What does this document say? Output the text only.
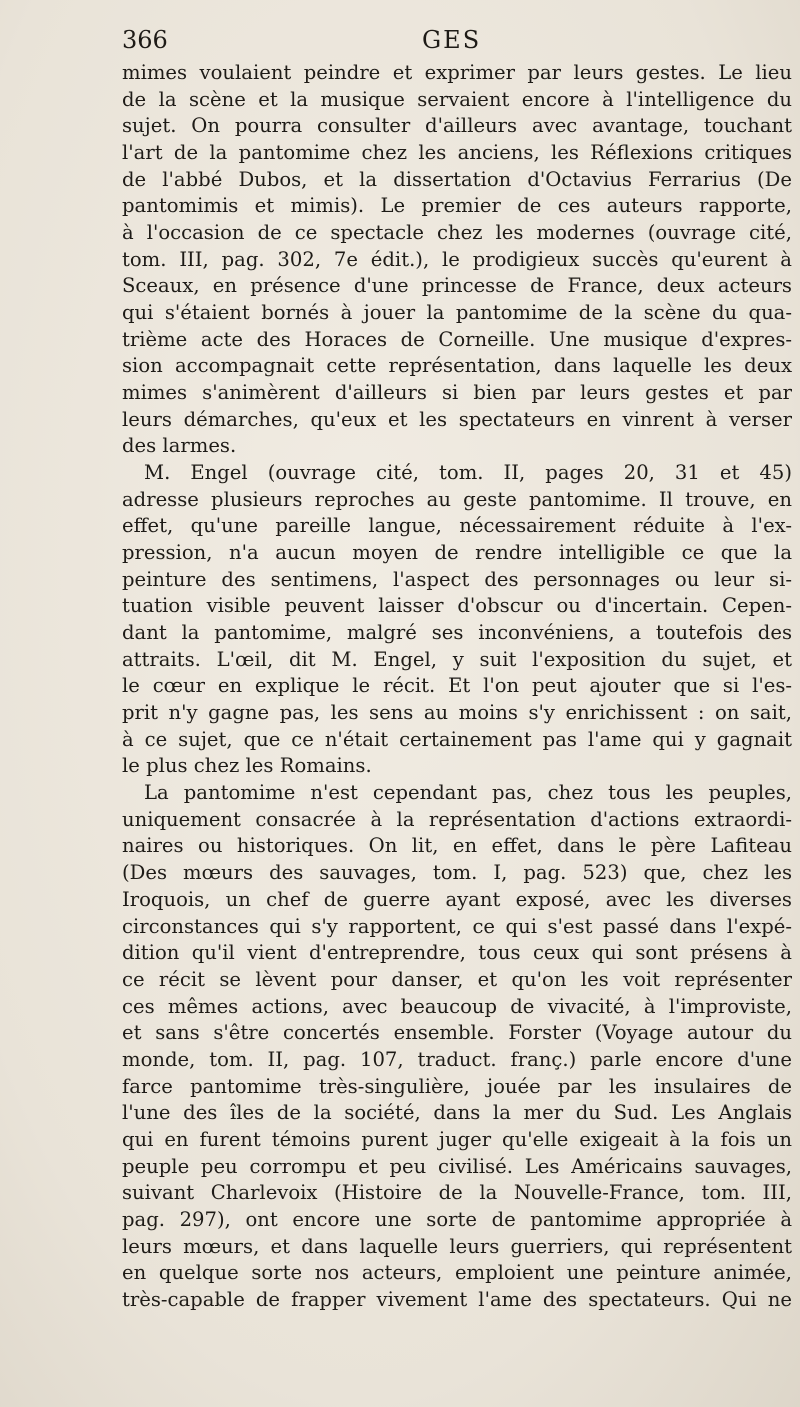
366	GES
mimes voulaient peindre et exprimer par leurs gestes. Le lieu
de la scène et la musique servaient encore à l'intelligence du
sujet. On pourra consulter d'ailleurs avec avantage, touchant
l'art de la pantomime chez les anciens, les Réflexions critiques
de l'abbé Dubos, et la dissertation d'Octavius Ferrarius (De
pantomimis et mimis). Le premier de ces auteurs rapporte,
à l'occasion de ce spectacle chez les modernes (ouvrage cité,
tom. III, pag. 302, 7e édit.), le prodigieux succès qu'eurent à
Sceaux, en présence d'une princesse de France, deux acteurs
qui s'étaient bornés à jouer la pantomime de la scène du qua-
trième acte des Horaces de Corneille. Une musique d'expres-
sion accompagnait cette représentation, dans laquelle les deux
mimes s'animèrent d'ailleurs si bien par leurs gestes et par
leurs démarches, qu'eux et les spectateurs en vinrent à verser
des larmes.
M. Engel (ouvrage cité, tom. II, pages 20, 31 et 45)
adresse plusieurs reproches au geste pantomime. Il trouve, en
effet, qu'une pareille langue, nécessairement réduite à l'ex-
pression, n'a aucun moyen de rendre intelligible ce que la
peinture des sentimens, l'aspect des personnages ou leur si-
tuation visible peuvent laisser d'obscur ou d'incertain. Cepen-
dant la pantomime, malgré ses inconvéniens, a toutefois des
attraits. L'œil, dit M. Engel, y suit l'exposition du sujet, et
le cœur en explique le récit. Et l'on peut ajouter que si l'es-
prit n'y gagne pas, les sens au moins s'y enrichissent : on sait,
à ce sujet, que ce n'était certainement pas l'ame qui y gagnait
le plus chez les Romains.
La pantomime n'est cependant pas, chez tous les peuples,
uniquement consacrée à la représentation d'actions extraordi-
naires ou historiques. On lit, en effet, dans le père Lafiteau
(Des mœurs des sauvages, tom. I, pag. 523) que, chez les
Iroquois, un chef de guerre ayant exposé, avec les diverses
circonstances qui s'y rapportent, ce qui s'est passé dans l'expé-
dition qu'il vient d'entreprendre, tous ceux qui sont présens à
ce récit se lèvent pour danser, et qu'on les voit représenter
ces mêmes actions, avec beaucoup de vivacité, à l'improviste,
et sans s'être concertés ensemble. Forster (Voyage autour du
monde, tom. II, pag. 107, traduct. franç.) parle encore d'une
farce pantomime très-singulière, jouée par les insulaires de
l'une des îles de la société, dans la mer du Sud. Les Anglais
qui en furent témoins purent juger qu'elle exigeait à la fois un
peuple peu corrompu et peu civilisé. Les Américains sauvages,
suivant Charlevoix (Histoire de la Nouvelle-France, tom. III,
pag. 297), ont encore une sorte de pantomime appropriée à
leurs mœurs, et dans laquelle leurs guerriers, qui représentent
en quelque sorte nos acteurs, emploient une peinture animée,
très-capable de frapper vivement l'ame des spectateurs. Qui ne
